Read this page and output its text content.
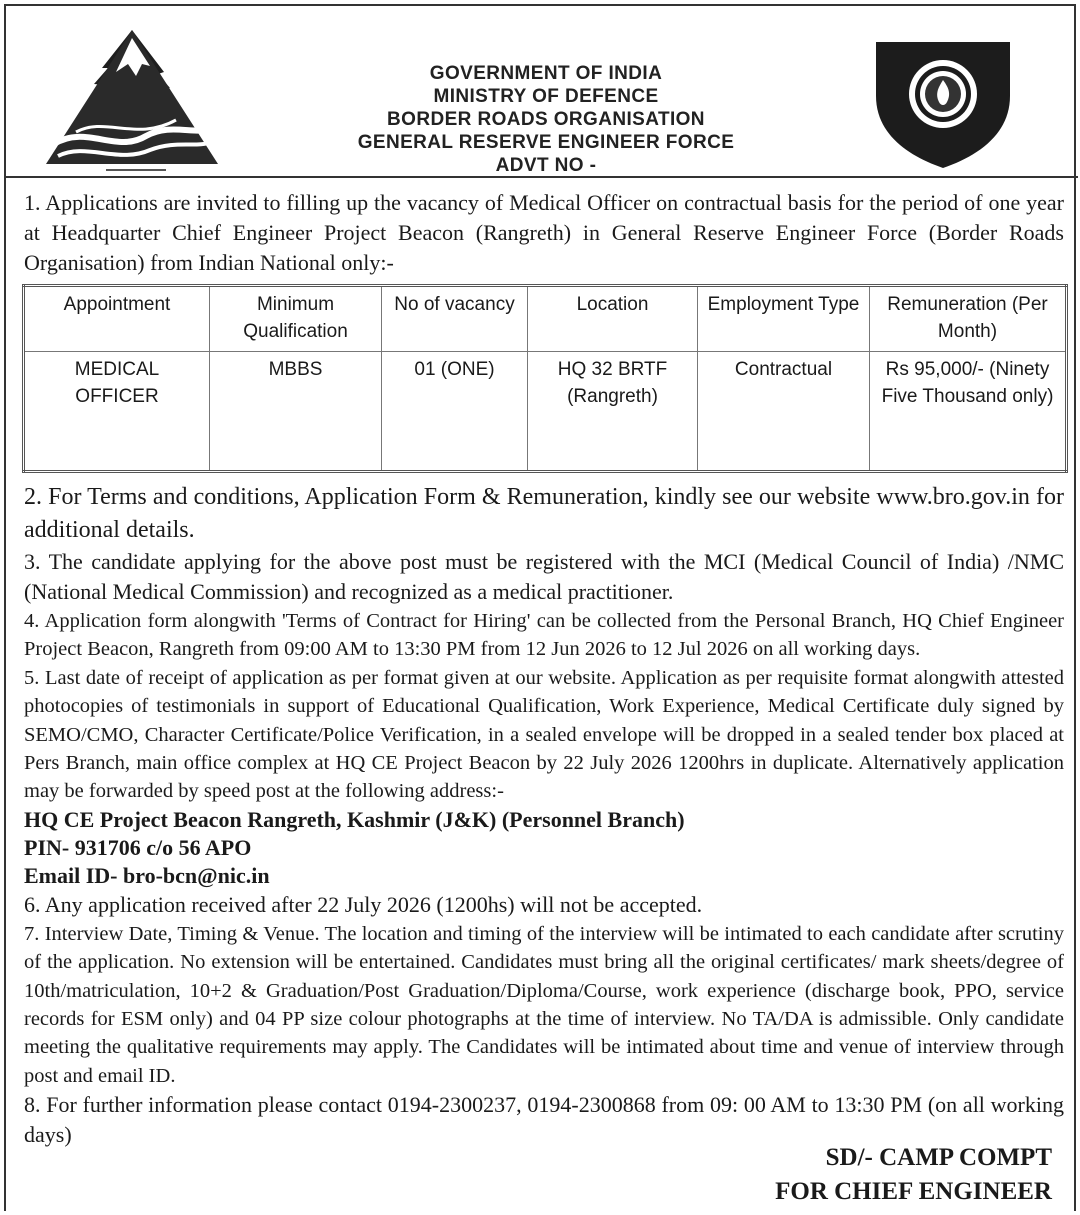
GOVERNMENT OF INDIA
MINISTRY OF DEFENCE
BORDER ROADS ORGANISATION
GENERAL RESERVE ENGINEER FORCE
ADVT NO -

1. Applications are invited to filling up the vacancy of Medical Officer on contractual basis for the period of one year at Headquarter Chief Engineer Project Beacon (Rangreth) in General Reserve Engineer Force (Border Roads Organisation) from Indian National only:-

Appointment	Minimum Qualification	No of vacancy	Location	Employment Type	Remuneration (Per Month)
MEDICAL OFFICER	MBBS	01 (ONE)	HQ 32 BRTF (Rangreth)	Contractual	Rs 95,000/- (Ninety Five Thousand only)

2. For Terms and conditions, Application Form & Remuneration, kindly see our website www.bro.gov.in for additional details.

3. The candidate applying for the above post must be registered with the MCI (Medical Council of India) /NMC (National Medical Commission) and recognized as a medical practitioner.

4. Application form alongwith 'Terms of Contract for Hiring' can be collected from the Personal Branch, HQ Chief Engineer Project Beacon, Rangreth from 09:00 AM to 13:30 PM from 12 Jun 2026 to 12 Jul 2026 on all working days.

5. Last date of receipt of application as per format given at our website. Application as per requisite format alongwith attested photocopies of testimonials in support of Educational Qualification, Work Experience, Medical Certificate duly signed by SEMO/CMO, Character Certificate/Police Verification, in a sealed envelope will be dropped in a sealed tender box placed at Pers Branch, main office complex at HQ CE Project Beacon by 22 July 2026 1200hrs in duplicate. Alternatively application may be forwarded by speed post at the following address:-

HQ CE Project Beacon Rangreth, Kashmir (J&K) (Personnel Branch)

PIN- 931706 c/o 56 APO

Email ID- bro-bcn@nic.in

6. Any application received after 22 July 2026 (1200hs) will not be accepted.

7. Interview Date, Timing & Venue. The location and timing of the interview will be intimated to each candidate after scrutiny of the application. No extension will be entertained. Candidates must bring all the original certificates/ mark sheets/degree of 10th/matriculation, 10+2 & Graduation/Post Graduation/Diploma/Course, work experience (discharge book, PPO, service records for ESM only) and 04 PP size colour photographs at the time of interview. No TA/DA is admissible. Only candidate meeting the qualitative requirements may apply. The Candidates will be intimated about time and venue of interview through post and email ID.

8. For further information please contact 0194-2300237, 0194-2300868 from 09: 00 AM to 13:30 PM (on all working days)

SD/- CAMP COMPT
FOR CHIEF ENGINEER
